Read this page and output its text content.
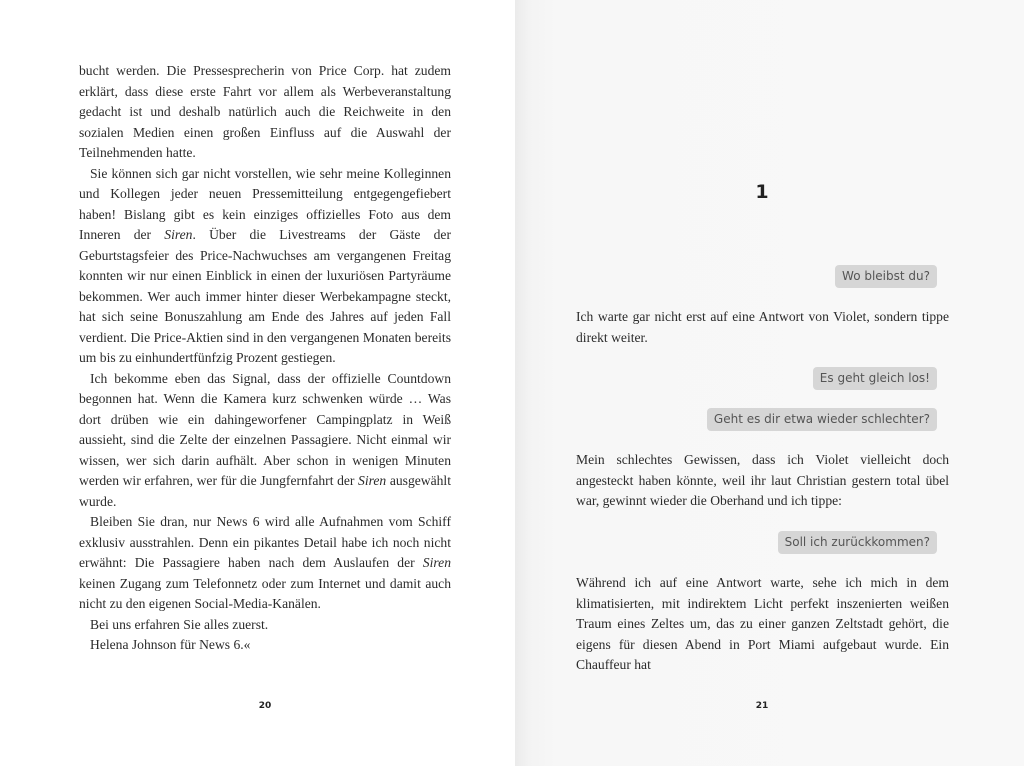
bucht werden. Die Pressesprecherin von Price Corp. hat zudem erklärt, dass diese erste Fahrt vor allem als Werbeveranstaltung gedacht ist und deshalb natürlich auch die Reichweite in den sozialen Medien einen großen Einfluss auf die Auswahl der Teilnehmenden hatte.

Sie können sich gar nicht vorstellen, wie sehr meine Kolleginnen und Kollegen jeder neuen Pressemitteilung entgegengefiebert haben! Bislang gibt es kein einziges offizielles Foto aus dem Inneren der Siren. Über die Livestreams der Gäste der Geburtstagsfeier des Price-Nachwuchses am vergangenen Freitag konnten wir nur einen Einblick in einen der luxuriösen Partyräume bekommen. Wer auch immer hinter dieser Werbekampagne steckt, hat sich seine Bonuszahlung am Ende des Jahres auf jeden Fall verdient. Die Price-Aktien sind in den vergangenen Monaten bereits um bis zu einhundertfünfzig Prozent gestiegen.

Ich bekomme eben das Signal, dass der offizielle Countdown begonnen hat. Wenn die Kamera kurz schwenken würde … Was dort drüben wie ein dahingeworfener Campingplatz in Weiß aussieht, sind die Zelte der einzelnen Passagiere. Nicht einmal wir wissen, wer sich darin aufhält. Aber schon in wenigen Minuten werden wir erfahren, wer für die Jungfernfahrt der Siren ausgewählt wurde.

Bleiben Sie dran, nur News 6 wird alle Aufnahmen vom Schiff exklusiv ausstrahlen. Denn ein pikantes Detail habe ich noch nicht erwähnt: Die Passagiere haben nach dem Auslaufen der Siren keinen Zugang zum Telefonnetz oder zum Internet und damit auch nicht zu den eigenen Social-Media-Kanälen.

Bei uns erfahren Sie alles zuerst.

Helena Johnson für News 6.«

20
1
Wo bleibst du?

Ich warte gar nicht erst auf eine Antwort von Violet, sondern tippe direkt weiter.

Es geht gleich los!
Geht es dir etwa wieder schlechter?

Mein schlechtes Gewissen, dass ich Violet vielleicht doch angesteckt haben könnte, weil ihr laut Christian gestern total übel war, gewinnt wieder die Oberhand und ich tippe:

Soll ich zurückkommen?

Während ich auf eine Antwort warte, sehe ich mich in dem klimatisierten, mit indirektem Licht perfekt inszenierten weißen Traum eines Zeltes um, das zu einer ganzen Zeltstadt gehört, die eigens für diesen Abend in Port Miami aufgebaut wurde. Ein Chauffeur hat

21
